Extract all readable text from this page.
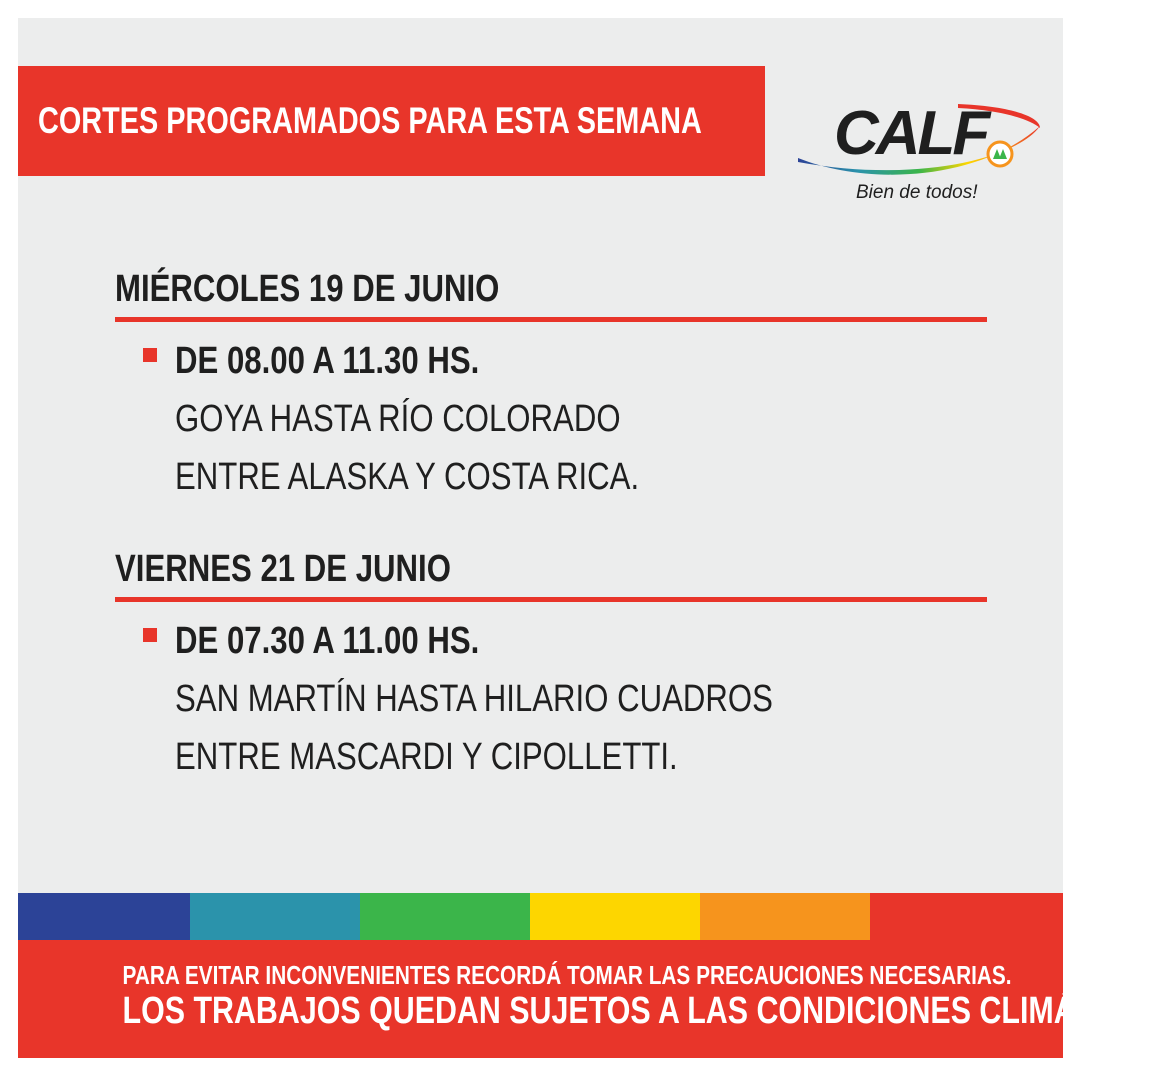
CORTES PROGRAMADOS PARA ESTA SEMANA CALF
Bien de todos!
MIÉRCOLES 19 DE JUNIO
DE 08.00 A 11.30 HS.
GOYA HASTA RÍO COLORADO
ENTRE ALASKA Y COSTA RICA.
VIERNES 21 DE JUNIO
DE 07.30 A 11.00 HS.
SAN MARTÍN HASTA HILARIO CUADROS
ENTRE MASCARDI Y CIPOLLETTI.
PARA EVITAR INCONVENIENTES RECORDÁ TOMAR LAS PRECAUCIONES NECESARIAS.
LOS TRABAJOS QUEDAN SUJETOS A LAS CONDICIONES CLIMÁTICAS.
